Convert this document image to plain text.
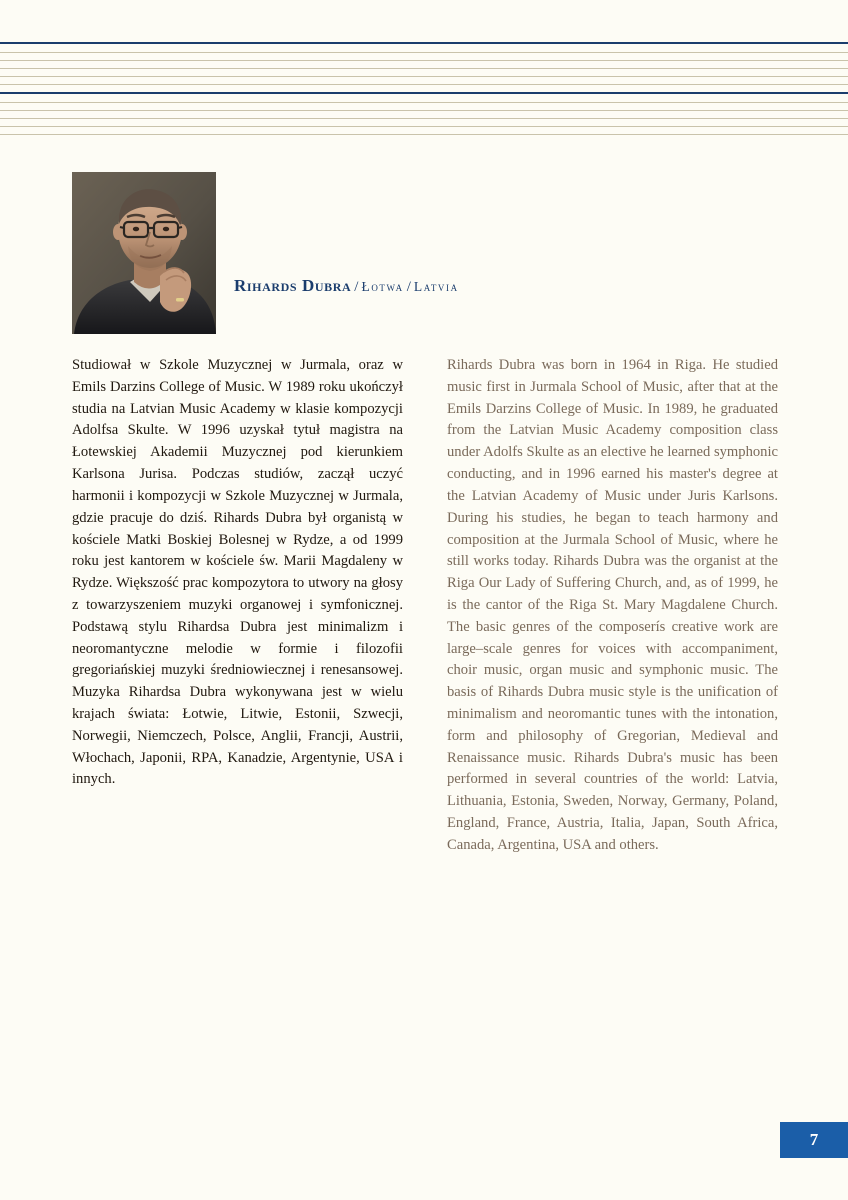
Rihards Dubra / Łotwa / Latvia

Studiował w Szkole Muzycznej w Jurmala, oraz w Emils Darzins College of Music. W 1989 roku ukończył studia na Latvian Music Academy w klasie kompozycji Adolfsa Skulte. W 1996 uzyskał tytuł magistra na Łotewskiej Akademii Muzycznej pod kierunkiem Karlsona Jurisa. Podczas studiów, zaczął uczyć harmonii i kompozycji w Szkole Muzycznej w Jurmala, gdzie pracuje do dziś. Rihards Dubra był organistą w kościele Matki Boskiej Bolesnej w Rydze, a od 1999 roku jest kantorem w kościele św. Marii Magdaleny w Rydze. Większość prac kompozytora to utwory na głosy z towarzyszeniem muzyki organowej i symfonicznej. Podstawą stylu Rihardsa Dubra jest minimalizm i neoromantyczne melodie w formie i filozofii gregoriańskiej muzyki średniowiecznej i renesansowej. Muzyka Rihardsa Dubra wykonywana jest w wielu krajach świata: Łotwie, Litwie, Estonii, Szwecji, Norwegii, Niemczech, Polsce, Anglii, Francji, Austrii, Włochach, Japonii, RPA, Kanadzie, Argentynie, USA i innych.

Rihards Dubra was born in 1964 in Riga. He studied music first in Jurmala School of Music, after that at the Emils Darzins College of Music. In 1989, he graduated from the Latvian Music Academy composition class under Adolfs Skulte as an elective he learned symphonic conducting, and in 1996 earned his master's degree at the Latvian Academy of Music under Juris Karlsons. During his studies, he began to teach harmony and composition at the Jurmala School of Music, where he still works today. Rihards Dubra was the organist at the Riga Our Lady of Suffering Church, and, as of 1999, he is the cantor of the Riga St. Mary Magdalene Church. The basic genres of the composerís creative work are large–scale genres for voices with accompaniment, choir music, organ music and symphonic music. The basis of Rihards Dubra music style is the unification of minimalism and neoromantic tunes with the intonation, form and philosophy of Gregorian, Medieval and Renaissance music. Rihards Dubra's music has been performed in several countries of the world: Latvia, Lithuania, Estonia, Sweden, Norway, Germany, Poland, England, France, Austria, Italia, Japan, South Africa, Canada, Argentina, USA and others.

7
